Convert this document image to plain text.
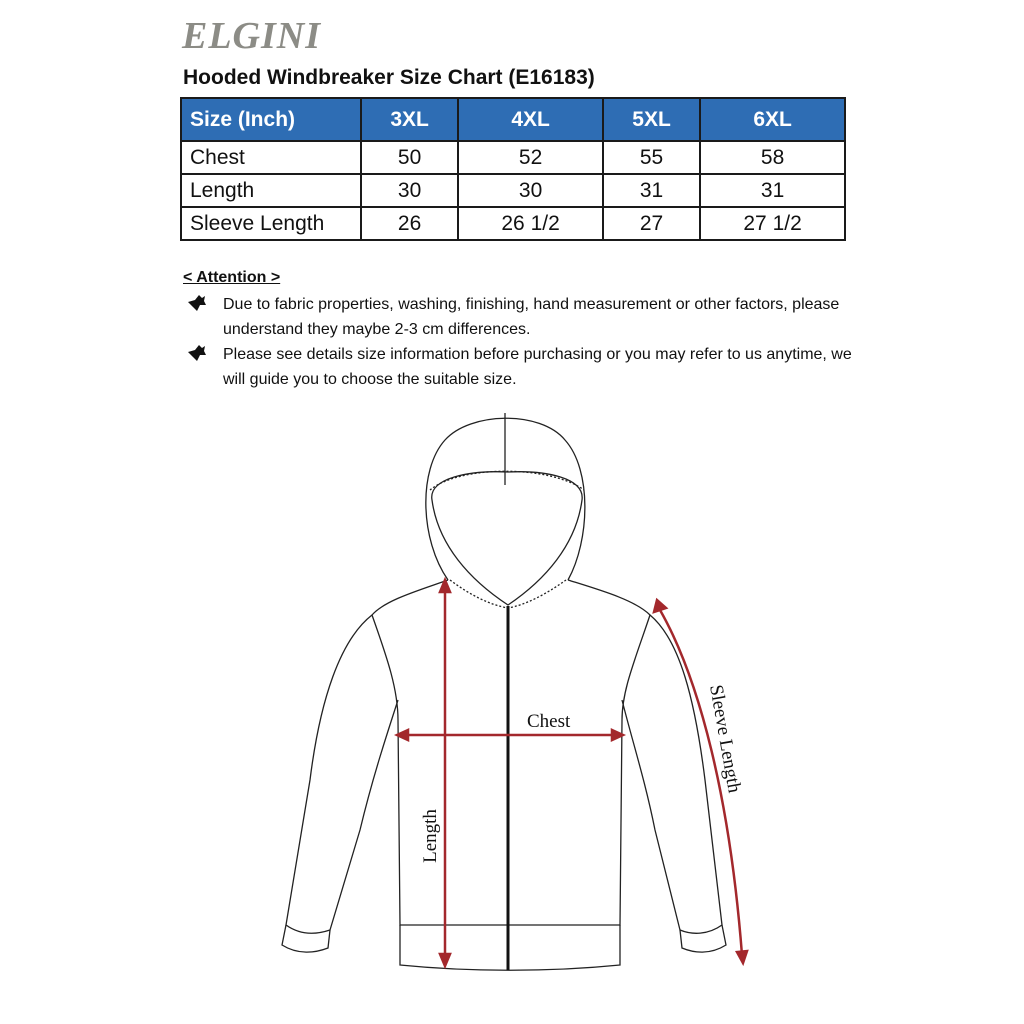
ELGINI
Hooded Windbreaker Size Chart (E16183)
Size (Inch)	3XL	4XL	5XL	6XL
Chest	50	52	55	58
Length	30	30	31	31
Sleeve Length	26	26 1/2	27	27 1/2
< Attention >
Due to fabric properties, washing, finishing, hand measurement or other factors, please understand they maybe 2-3 cm differences.
Please see details size information before purchasing or you may refer to us anytime, we will guide you to choose the suitable size.
Chest
Length
Sleeve Length
